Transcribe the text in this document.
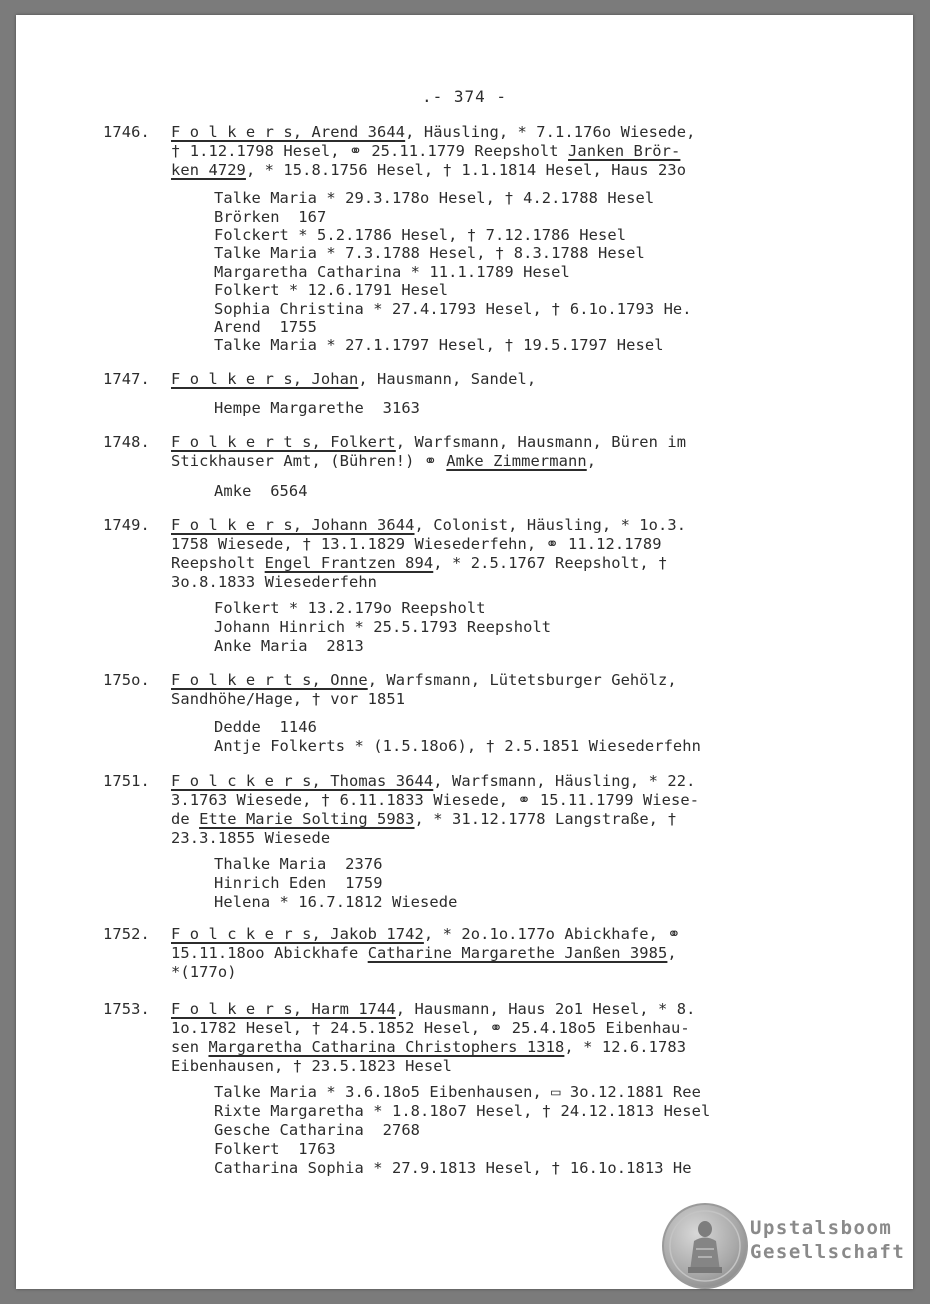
.- 374 -
1746. F o l k e r s, Arend 3644, Häusling, * 7.1.176o Wiesede,
† 1.12.1798 Hesel, ⚭ 25.11.1779 Reepsholt Janken Brör-
ken 4729, * 15.8.1756 Hesel, † 1.1.1814 Hesel, Haus 23o
Talke Maria * 29.3.178o Hesel, † 4.2.1788 Hesel
Brörken  167
Folckert * 5.2.1786 Hesel, † 7.12.1786 Hesel
Talke Maria * 7.3.1788 Hesel, † 8.3.1788 Hesel
Margaretha Catharina * 11.1.1789 Hesel
Folkert * 12.6.1791 Hesel
Sophia Christina * 27.4.1793 Hesel, † 6.1o.1793 He.
Arend  1755
Talke Maria * 27.1.1797 Hesel, † 19.5.1797 Hesel
1747. F o l k e r s, Johan, Hausmann, Sandel,
Hempe Margarethe  3163
1748. F o l k e r t s, Folkert, Warfsmann, Hausmann, Büren im
Stickhauser Amt, (Bühren!) ⚭ Amke Zimmermann,
Amke  6564
1749. F o l k e r s, Johann 3644, Colonist, Häusling, * 1o.3.
1758 Wiesede, † 13.1.1829 Wiesederfehn, ⚭ 11.12.1789
Reepsholt Engel Frantzen 894, * 2.5.1767 Reepsholt, †
3o.8.1833 Wiesederfehn
Folkert * 13.2.179o Reepsholt
Johann Hinrich * 25.5.1793 Reepsholt
Anke Maria  2813
175o. F o l k e r t s, Onne, Warfsmann, Lütetsburger Gehölz,
Sandhöhe/Hage, † vor 1851
Dedde  1146
Antje Folkerts * (1.5.18o6), † 2.5.1851 Wiesederfehn
1751. F o l c k e r s, Thomas 3644, Warfsmann, Häusling, * 22.
3.1763 Wiesede, † 6.11.1833 Wiesede, ⚭ 15.11.1799 Wiese-
de Ette Marie Solting 5983, * 31.12.1778 Langstraße, †
23.3.1855 Wiesede
Thalke Maria  2376
Hinrich Eden  1759
Helena * 16.7.1812 Wiesede
1752. F o l c k e r s, Jakob 1742, * 2o.1o.177o Abickhafe, ⚭
15.11.18oo Abickhafe Catharine Margarethe Janßen 3985,
*(177o)
1753. F o l k e r s, Harm 1744, Hausmann, Haus 2o1 Hesel, * 8.
1o.1782 Hesel, † 24.5.1852 Hesel, ⚭ 25.4.18o5 Eibenhau-
sen Margaretha Catharina Christophers 1318, * 12.6.1783
Eibenhausen, † 23.5.1823 Hesel
Talke Maria * 3.6.18o5 Eibenhausen, ▭ 3o.12.1881 Ree
Rixte Margaretha * 1.8.18o7 Hesel, † 24.12.1813 Hesel
Gesche Catharina  2768
Folkert  1763
Catharina Sophia * 27.9.1813 Hesel, † 16.1o.1813 He
Upstalsboom
Gesellschaft
